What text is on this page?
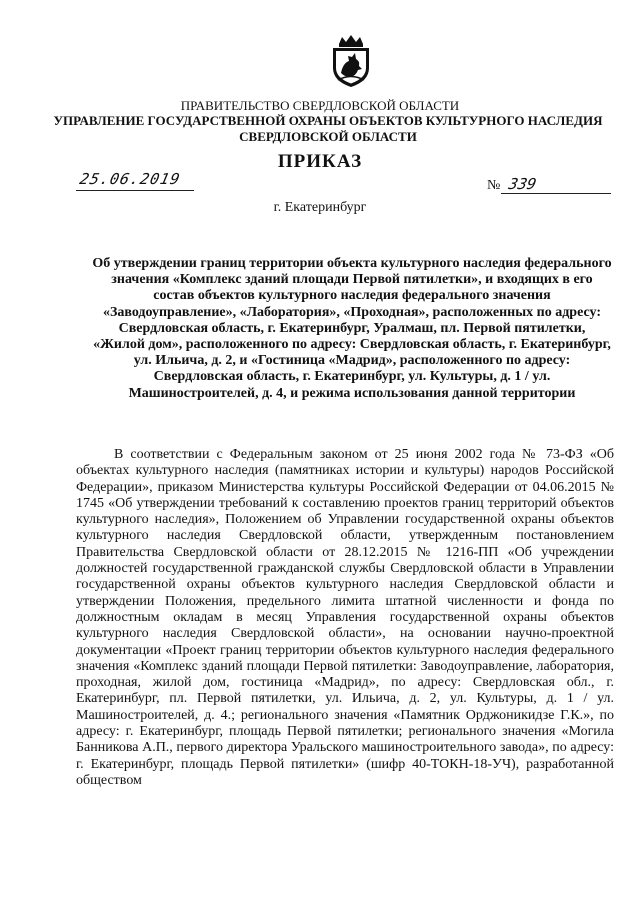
ПРАВИТЕЛЬСТВО СВЕРДЛОВСКОЙ ОБЛАСТИ
УПРАВЛЕНИЕ ГОСУДАРСТВЕННОЙ ОХРАНЫ ОБЪЕКТОВ КУЛЬТУРНОГО НАСЛЕДИЯ СВЕРДЛОВСКОЙ ОБЛАСТИ
ПРИКАЗ
25.06.2019	№ 339
г. Екатеринбург
Об утверждении границ территории объекта культурного наследия федерального значения «Комплекс зданий площади Первой пятилетки», и входящих в его состав объектов культурного наследия федерального значения «Заводоуправление», «Лаборатория», «Проходная», расположенных по адресу: Свердловская область, г. Екатеринбург, Уралмаш, пл. Первой пятилетки, «Жилой дом», расположенного по адресу: Свердловская область, г. Екатеринбург, ул. Ильича, д. 2, и «Гостиница «Мадрид», расположенного по адресу: Свердловская область, г. Екатеринбург, ул. Культуры, д. 1 / ул. Машиностроителей, д. 4, и режима использования данной территории

В соответствии с Федеральным законом от 25 июня 2002 года № 73-ФЗ «Об объектах культурного наследия (памятниках истории и культуры) народов Российской Федерации», приказом Министерства культуры Российской Федерации от 04.06.2015 № 1745 «Об утверждении требований к составлению проектов границ территорий объектов культурного наследия», Положением об Управлении государственной охраны объектов культурного наследия Свердловской области, утвержденным постановлением Правительства Свердловской области от 28.12.2015 № 1216-ПП «Об учреждении должностей государственной гражданской службы Свердловской области в Управлении государственной охраны объектов культурного наследия Свердловской области и утверждении Положения, предельного лимита штатной численности и фонда по должностным окладам в месяц Управления государственной охраны объектов культурного наследия Свердловской области», на основании научно-проектной документации «Проект границ территории объектов культурного наследия федерального значения «Комплекс зданий площади Первой пятилетки: Заводоуправление, лаборатория, проходная, жилой дом, гостиница «Мадрид», по адресу: Свердловская обл., г. Екатеринбург, пл. Первой пятилетки, ул. Ильича, д. 2, ул. Культуры, д. 1 / ул. Машиностроителей, д. 4.; регионального значения «Памятник Орджоникидзе Г.К.», по адресу: г. Екатеринбург, площадь Первой пятилетки; регионального значения «Могила Банникова А.П., первого директора Уральского машиностроительного завода», по адресу: г. Екатеринбург, площадь Первой пятилетки» (шифр 40-ТОКН-18-УЧ), разработанной обществом
